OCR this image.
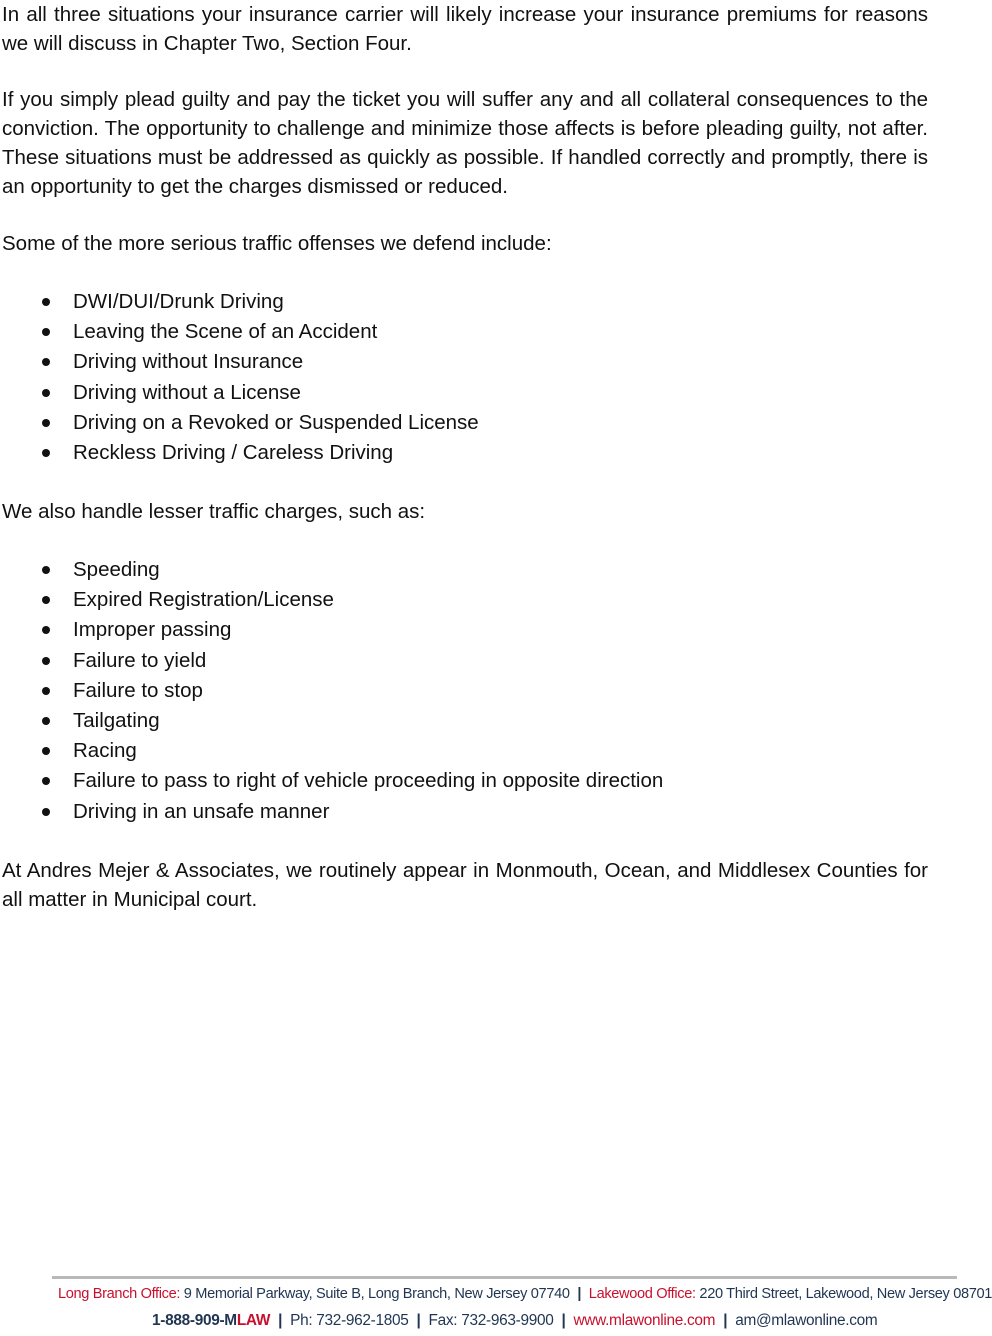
In all three situations your insurance carrier will likely increase your insurance premiums for reasons we will discuss in Chapter Two, Section Four.

If you simply plead guilty and pay the ticket you will suffer any and all collateral consequences to the conviction. The opportunity to challenge and minimize those affects is before pleading guilty, not after. These situations must be addressed as quickly as possible. If handled correctly and promptly, there is an opportunity to get the charges dismissed or reduced.

Some of the more serious traffic offenses we defend include:

DWI/DUI/Drunk Driving
Leaving the Scene of an Accident
Driving without Insurance
Driving without a License
Driving on a Revoked or Suspended License
Reckless Driving / Careless Driving

We also handle lesser traffic charges, such as:

Speeding
Expired Registration/License
Improper passing
Failure to yield
Failure to stop
Tailgating
Racing
Failure to pass to right of vehicle proceeding in opposite direction
Driving in an unsafe manner

At Andres Mejer & Associates, we routinely appear in Monmouth, Ocean, and Middlesex Counties for all matter in Municipal court.

Long Branch Office: 9 Memorial Parkway, Suite B, Long Branch, New Jersey 07740 | Lakewood Office: 220 Third Street, Lakewood, New Jersey 08701
1-888-909-MLAW | Ph: 732-962-1805 | Fax: 732-963-9900 | www.mlawonline.com | am@mlawonline.com
